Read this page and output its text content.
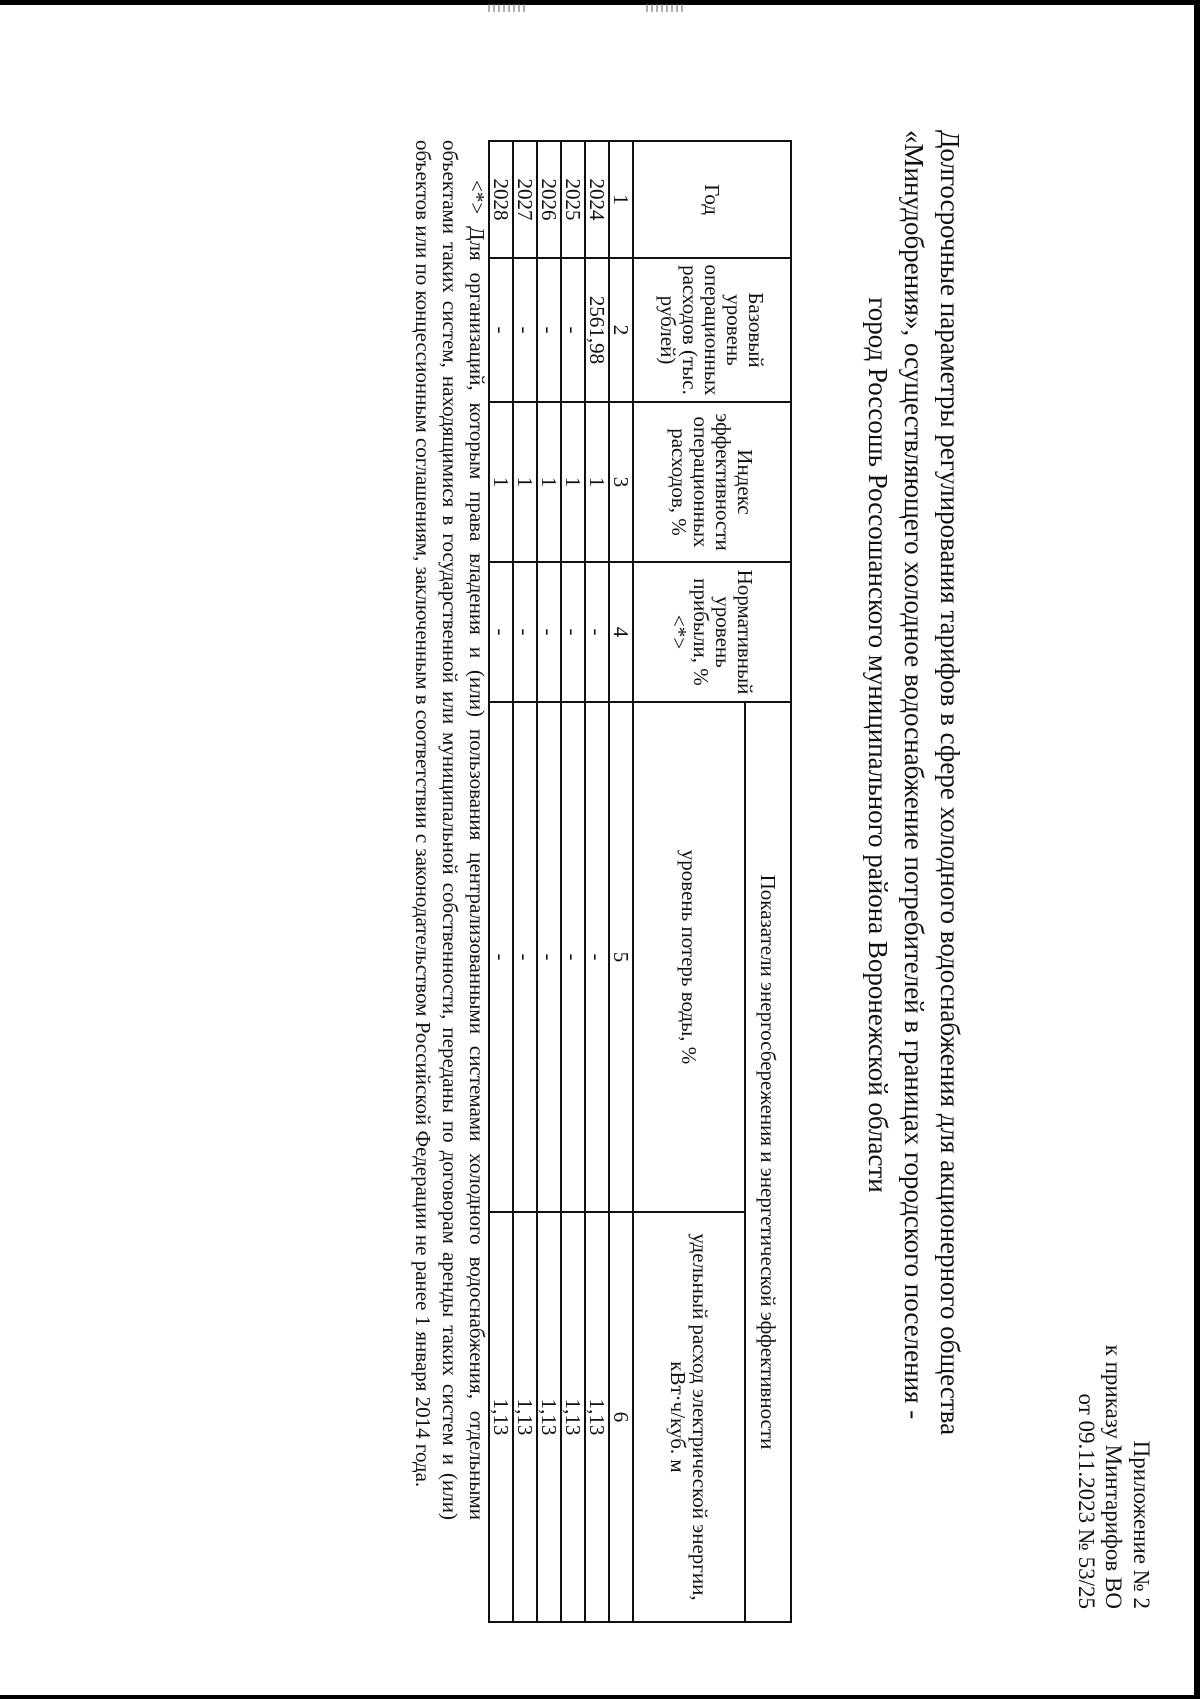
Приложение № 2
к приказу Минтарифов ВО
от 09.11.2023 № 53/25
Долгосрочные параметры регулирования тарифов в сфере холодного водоснабжения для акционерного общества
«Минудобрения», осуществляющего холодное водоснабжение потребителей в границах городского поселения -
город Россошь Россошанского муниципального района Воронежской области
Год	Базовый уровень операционных расходов (тыс. рублей)	Индекс эффективности операционных расходов, %	Нормативный уровень прибыли, % <*>	Показатели энергосбережения и энергетической эффективности	
				уровень потерь воды, %	удельный расход электрической энергии, кВт·ч/куб. м
1	2	3	4	5	6
2024	2561,98	1	-	-	1,13
2025	-	1	-	-	1,13
2026	-	1	-	-	1,13
2027	-	1	-	-	1,13
2028	-	1	-	-	1,13
<*> Для организаций, которым права владения и (или) пользования централизованными системами холодного водоснабжения, отдельными объектами таких систем, находящимися в государственной или муниципальной собственности, переданы по договорам аренды таких систем и (или) объектов или по концессионным соглашениям, заключенным в соответствии с законодательством Российской Федерации не ранее 1 января 2014 года.
